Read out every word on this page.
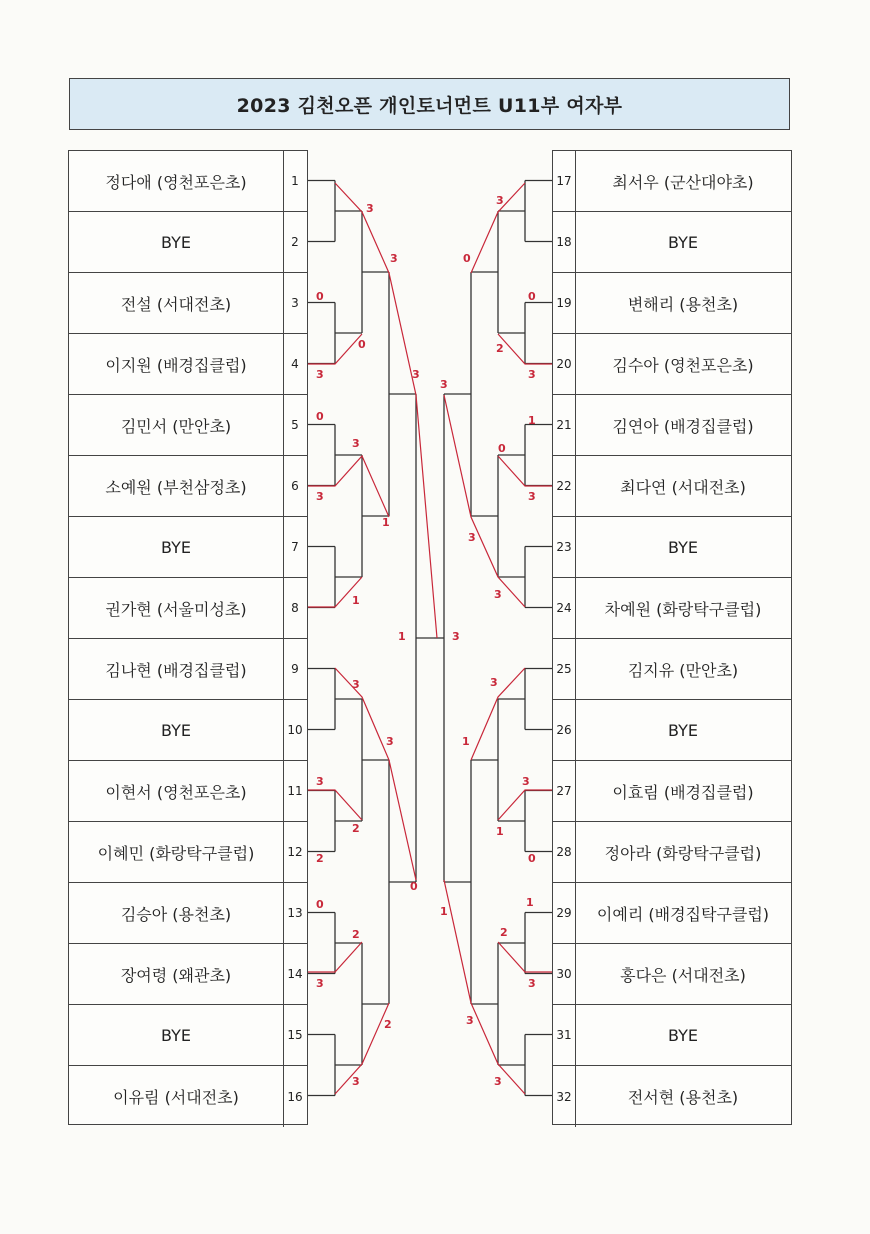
2023 김천오픈 개인토너먼트 U11부 여자부
정다애 (영천포은초)	1
BYE	2
전설 (서대전초)	3
이지원 (배경집클럽)	4
김민서 (만안초)	5
소예원 (부천삼정초)	6
BYE	7
권가현 (서울미성초)	8
김나현 (배경집클럽)	9
BYE	10
이현서 (영천포은초)	11
이혜민 (화랑탁구클럽)	12
김승아 (용천초)	13
장여령 (왜관초)	14
BYE	15
이유림 (서대전초)	16
17	최서우 (군산대야초)
18	BYE
19	변해리 (용천초)
20	김수아 (영천포은초)
21	김연아 (배경집클럽)
22	최다연 (서대전초)
23	BYE
24	차예원 (화랑탁구클럽)
25	김지유 (만안초)
26	BYE
27	이효림 (배경집클럽)
28	정아라 (화랑탁구클럽)
29	이예리 (배경집탁구클럽)
30	홍다은 (서대전초)
31	BYE
32	전서현 (용천초)
0
3
0
3
3
2
0
3
3
0
3
1
3
2
2
3
3
1
3
2
3
0
1
0
3
1
3
3
0
1
3
3
2
0
3
3
1
2
3
0
3
1
3
3
1
3
